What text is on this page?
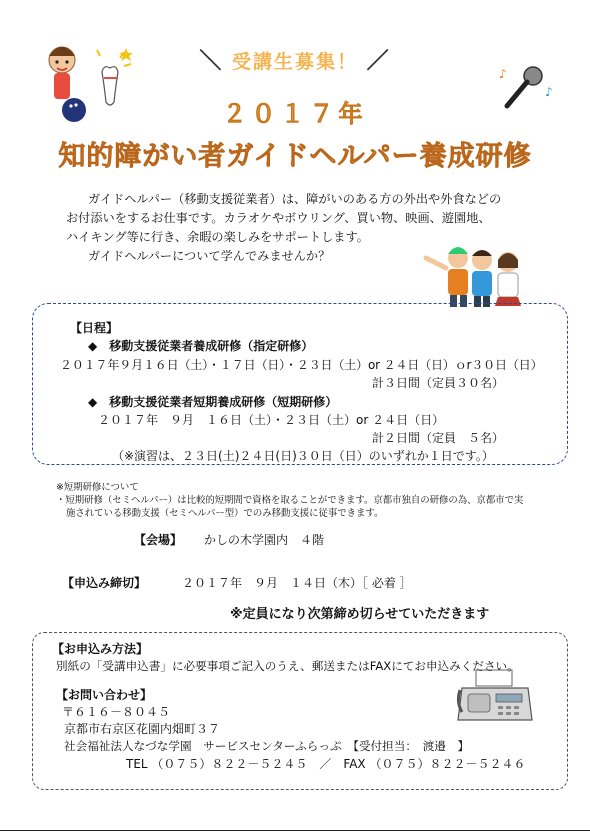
♪
♪
＼ 受講生募集！ ／
２０１７年
知的障がい者ガイドヘルパー養成研修

ガイドヘルパー（移動支援従業者）は、障がいのある方の外出や外食などの

お付添いをするお仕事です。カラオケやボウリング、買い物、映画、遊園地、

ハイキング等に行き、余暇の楽しみをサポートします。

ガイドヘルパーについて学んでみませんか？

【日程】
◆　移動支援従業者養成研修（指定研修）
２０１７年９月１６日（土）・１７日（日）・２３日（土）or ２４日（日）ｏr３０日（日）
計３日間（定員３０名）
◆　移動支援従業者短期養成研修（短期研修）
２０１７年　９月　１６日（土）・２３日（土）or ２４日（日）
計２日間（定員　５名）
（※演習は、２３日(土)２４日(日)３０日（日）のいずれか１日です。）
※短期研修について
・短期研修（セミヘルパー）は比較的短期間で資格を取ることができます。京都市独自の研修の為、京都市で実
施されている移動支援（セミヘルパー型）でのみ移動支援に従事できます。
【会場】 かしの木学園内　４階
【申込み締切】	２０１７年　９月　１４日（木）［ 必着 ］
※定員になり次第締め切らせていただきます
【お申込み方法】
別紙の「受講申込書」に必要事項ご記入のうえ、郵送またはFAXにてお申込みください。
【お問い合わせ】
〒６１６－８０４５
京都市右京区花園内畑町３７
社会福祉法人なづな学園　サービスセンターふらっぷ　【受付担当：　渡邉　】
TEL （０７５）８２２－５２４５　／　FAX （０７５）８２２－５２４６
